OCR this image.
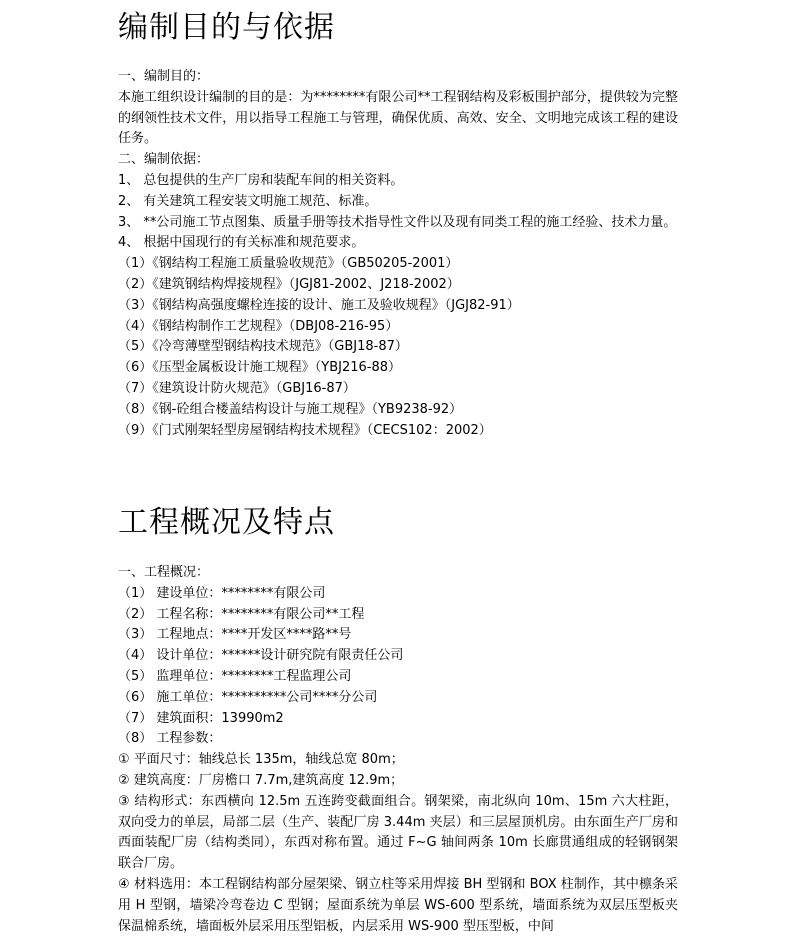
编制目的与依据
一、编制目的：
本施工组织设计编制的目的是：为********有限公司**工程钢结构及彩板围护部分，提供较为完整的纲领性技术文件，用以指导工程施工与管理，确保优质、高效、安全、文明地完成该工程的建设任务。
二、编制依据：
1、 总包提供的生产厂房和装配车间的相关资料。
2、 有关建筑工程安装文明施工规范、标准。
3、 **公司施工节点图集、质量手册等技术指导性文件以及现有同类工程的施工经验、技术力量。
4、 根据中国现行的有关标准和规范要求。
（1）《钢结构工程施工质量验收规范》（GB50205-2001）
（2）《建筑钢结构焊接规程》（JGJ81-2002、J218-2002）
（3）《钢结构高强度螺栓连接的设计、施工及验收规程》（JGJ82-91）
（4）《钢结构制作工艺规程》（DBJ08-216-95）
（5）《冷弯薄壁型钢结构技术规范》（GBJ18-87）
（6）《压型金属板设计施工规程》（YBJ216-88）
（7）《建筑设计防火规范》（GBJ16-87）
（8）《钢-砼组合楼盖结构设计与施工规程》（YB9238-92）
（9）《门式刚架轻型房屋钢结构技术规程》（CECS102：2002）
工程概况及特点
一、工程概况：
（1） 建设单位：********有限公司
（2） 工程名称：********有限公司**工程
（3） 工程地点：****开发区****路**号
（4） 设计单位：******设计研究院有限责任公司
（5） 监理单位：********工程监理公司
（6） 施工单位：**********公司****分公司
（7） 建筑面积：13990m2
（8） 工程参数：
① 平面尺寸：轴线总长 135m，轴线总宽 80m；
② 建筑高度：厂房檐口 7.7m,建筑高度 12.9m；
③ 结构形式：东西横向 12.5m 五连跨变截面组合。钢架梁，南北纵向 10m、15m 六大柱距，双向受力的单层，局部二层（生产、装配厂房 3.44m 夹层）和三层屋顶机房。由东面生产厂房和西面装配厂房（结构类同），东西对称布置。通过 F~G 轴间两条 10m 长廊贯通组成的轻钢钢架联合厂房。
④ 材料选用：本工程钢结构部分屋架梁、钢立柱等采用焊接 BH 型钢和 BOX 柱制作，其中檩条采用 H 型钢，墙梁冷弯卷边 C 型钢；屋面系统为单层 WS-600 型系统，墙面系统为双层压型板夹保温棉系统，墙面板外层采用压型铝板，内层采用 WS-900 型压型板，中间
